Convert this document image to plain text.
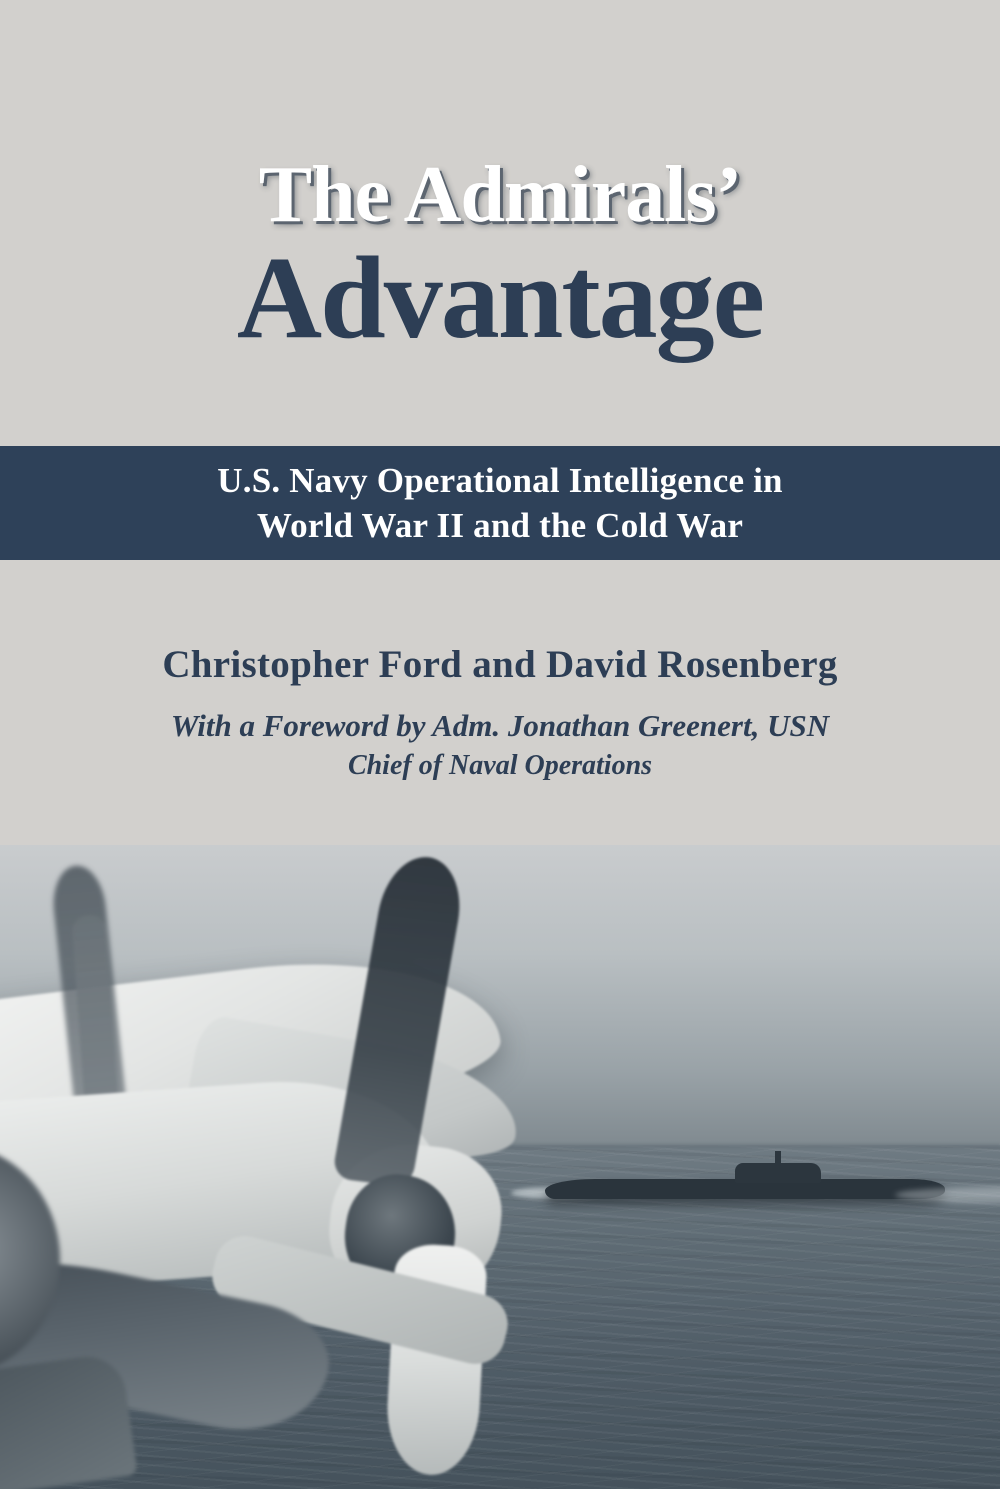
The Admirals’
Advantage
U.S. Navy Operational Intelligence in
World War II and the Cold War
Christopher Ford and David Rosenberg
With a Foreword by Adm. Jonathan Greenert, USN
Chief of Naval Operations
